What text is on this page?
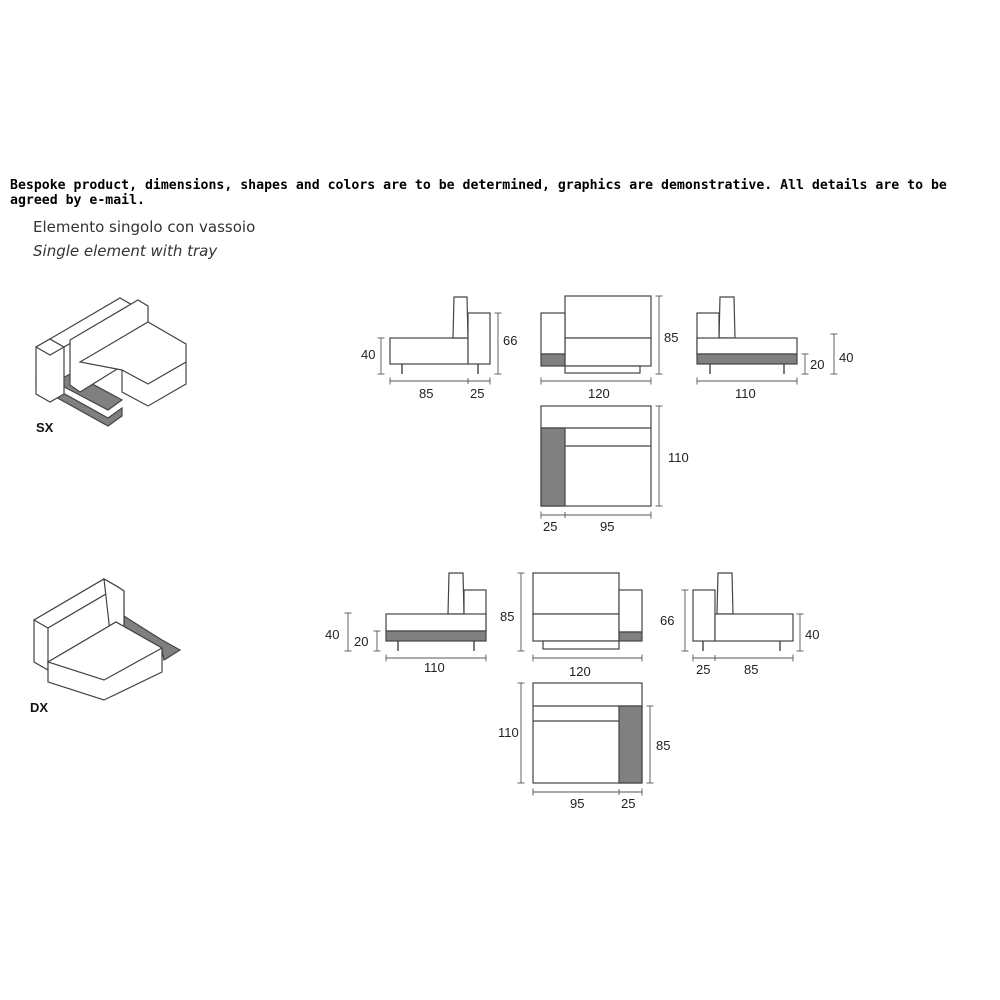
Bespoke product, dimensions, shapes and colors are to be determined, graphics are demonstrative. All details are to be agreed by e-mail.
Elemento singolo con vassoio
Single element with tray
SX
40
66
85	25
85
120
20 40
110
110
25	95
DX
40 20
110
85
120
66
40
25	85
110
85
95	25
